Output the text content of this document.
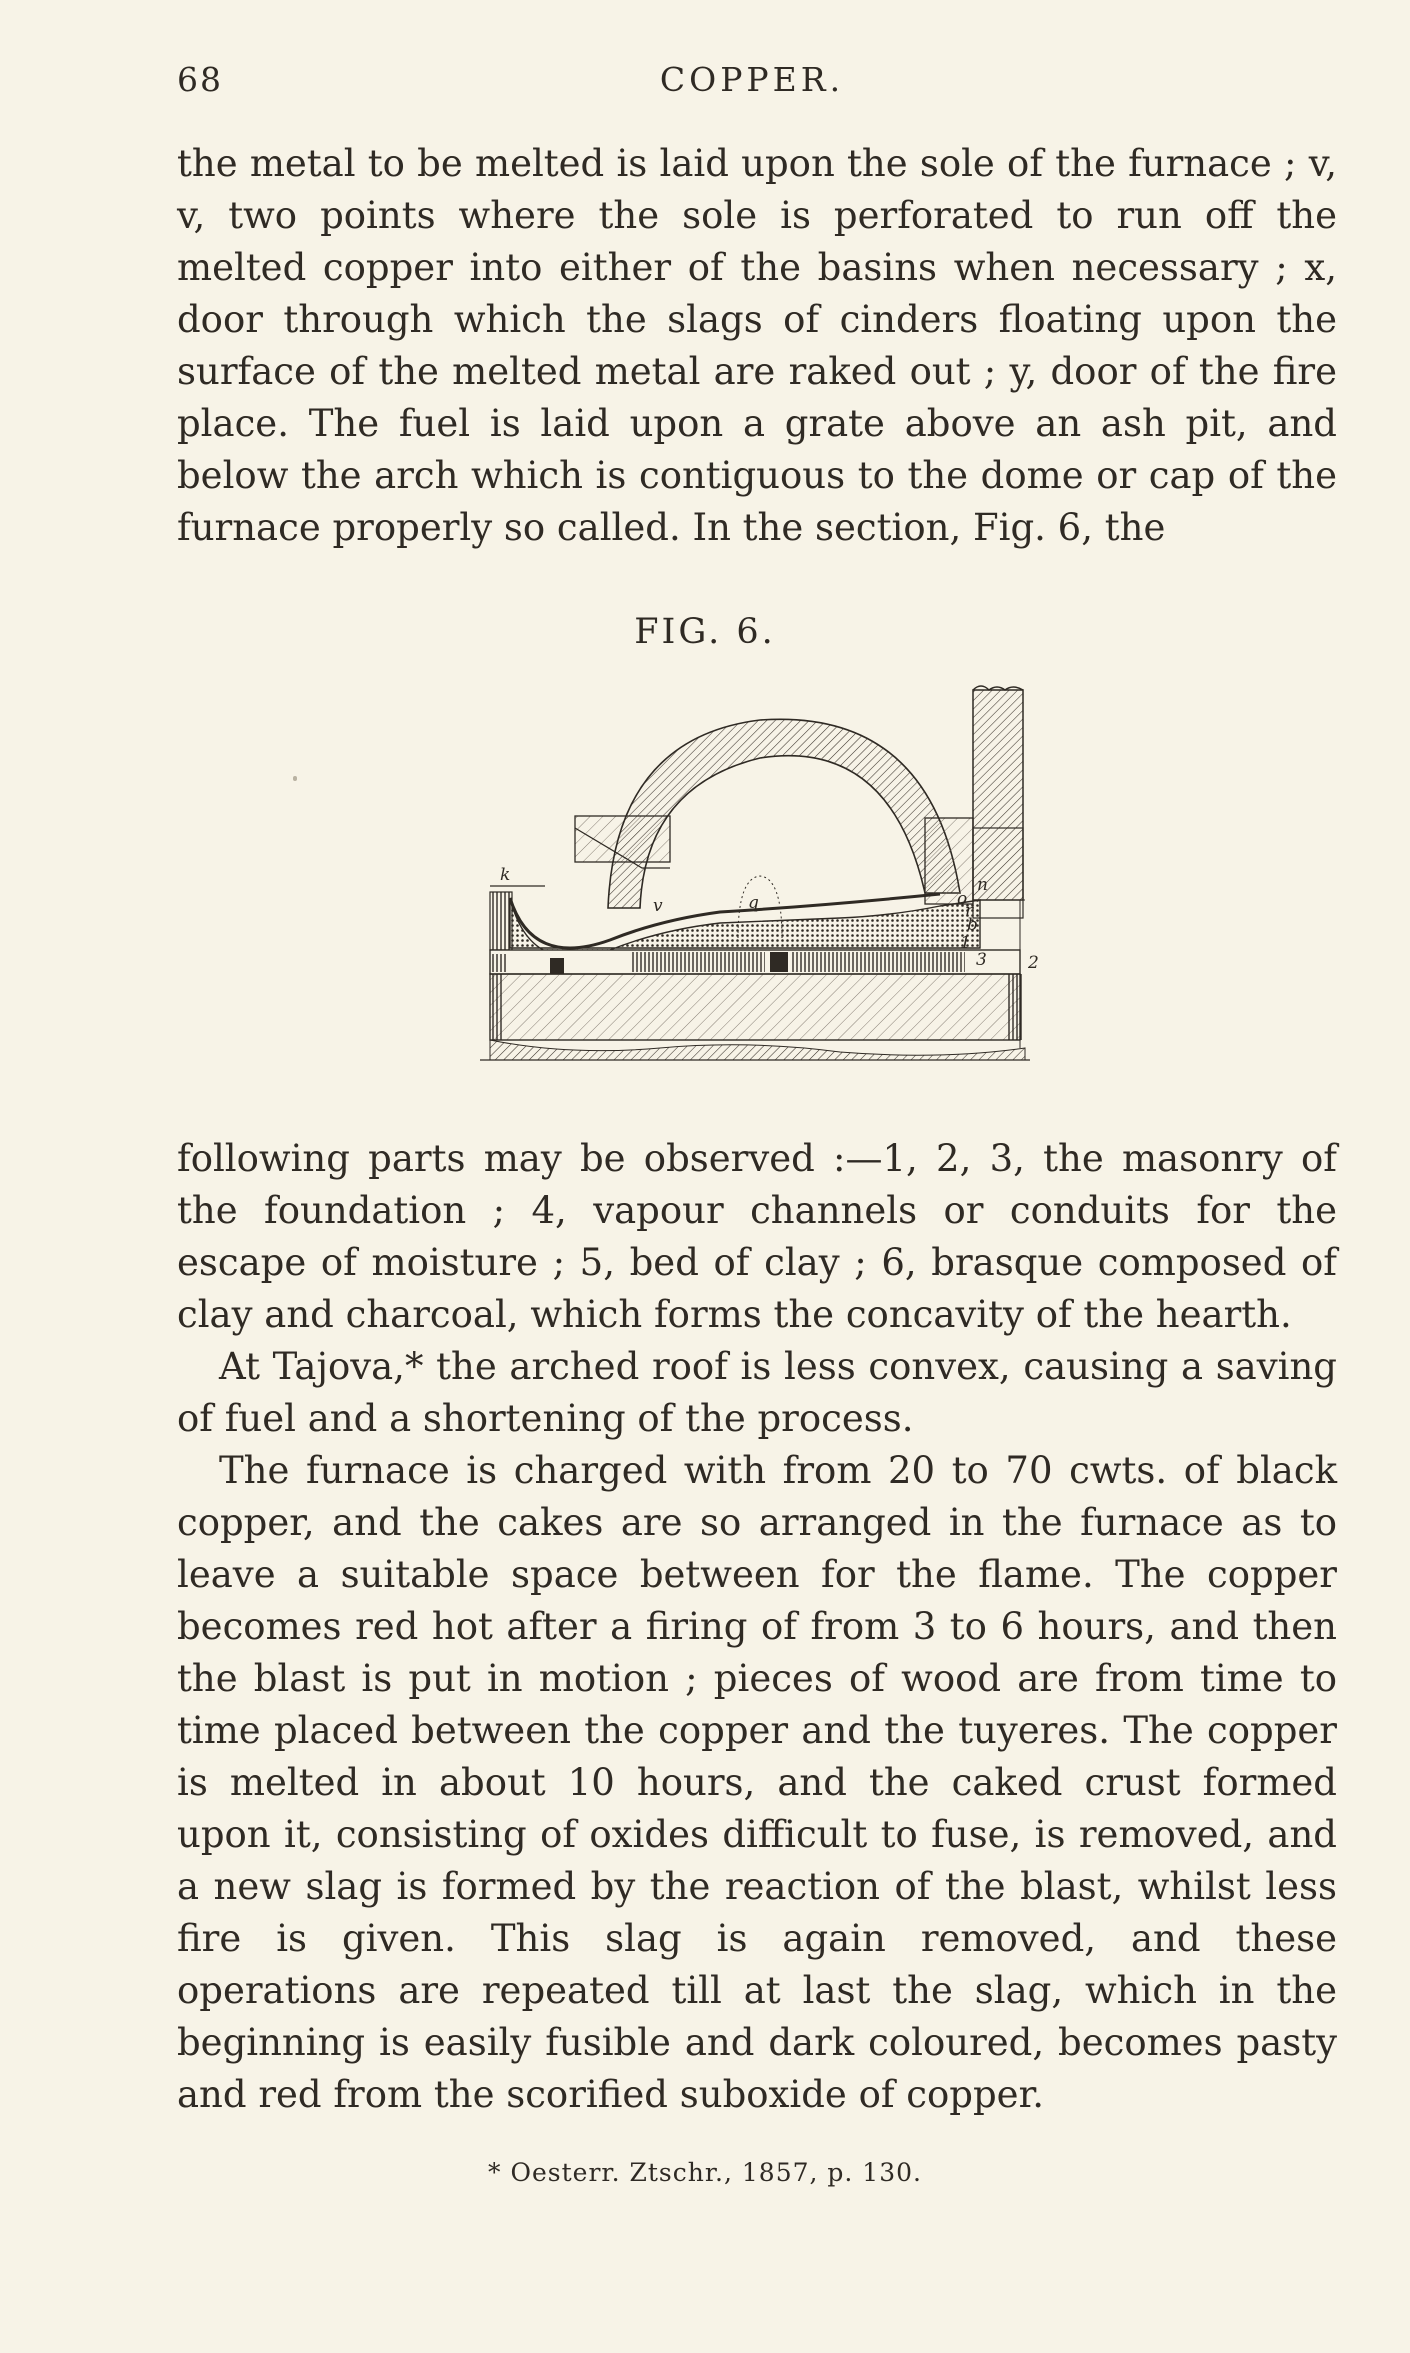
68	COPPER.

the metal to be melted is laid upon the sole of the furnace ; v, v, two points where the sole is perforated to run off the melted copper into either of the basins when necessary ; x, door through which the slags of cinders floating upon the surface of the melted metal are raked out ; y, door of the fire place. The fuel is laid upon a grate above an ash pit, and below the arch which is contiguous to the dome or cap of the furnace properly so called. In the section, Fig. 6, the

FIG. 6.
k
v	q
n
o
r
b
1
3 2

following parts may be observed :—1, 2, 3, the masonry of the foundation ; 4, vapour channels or conduits for the escape of moisture ; 5, bed of clay ; 6, brasque composed of clay and charcoal, which forms the concavity of the hearth.

At Tajova,* the arched roof is less convex, causing a saving of fuel and a shortening of the process.

The furnace is charged with from 20 to 70 cwts. of black copper, and the cakes are so arranged in the furnace as to leave a suitable space between for the flame. The copper becomes red hot after a firing of from 3 to 6 hours, and then the blast is put in motion ; pieces of wood are from time to time placed between the copper and the tuyeres. The copper is melted in about 10 hours, and the caked crust formed upon it, consisting of oxides difficult to fuse, is removed, and a new slag is formed by the reaction of the blast, whilst less fire is given. This slag is again removed, and these operations are repeated till at last the slag, which in the beginning is easily fusible and dark coloured, becomes pasty and red from the scorified suboxide of copper.

* Oesterr. Ztschr., 1857, p. 130.
